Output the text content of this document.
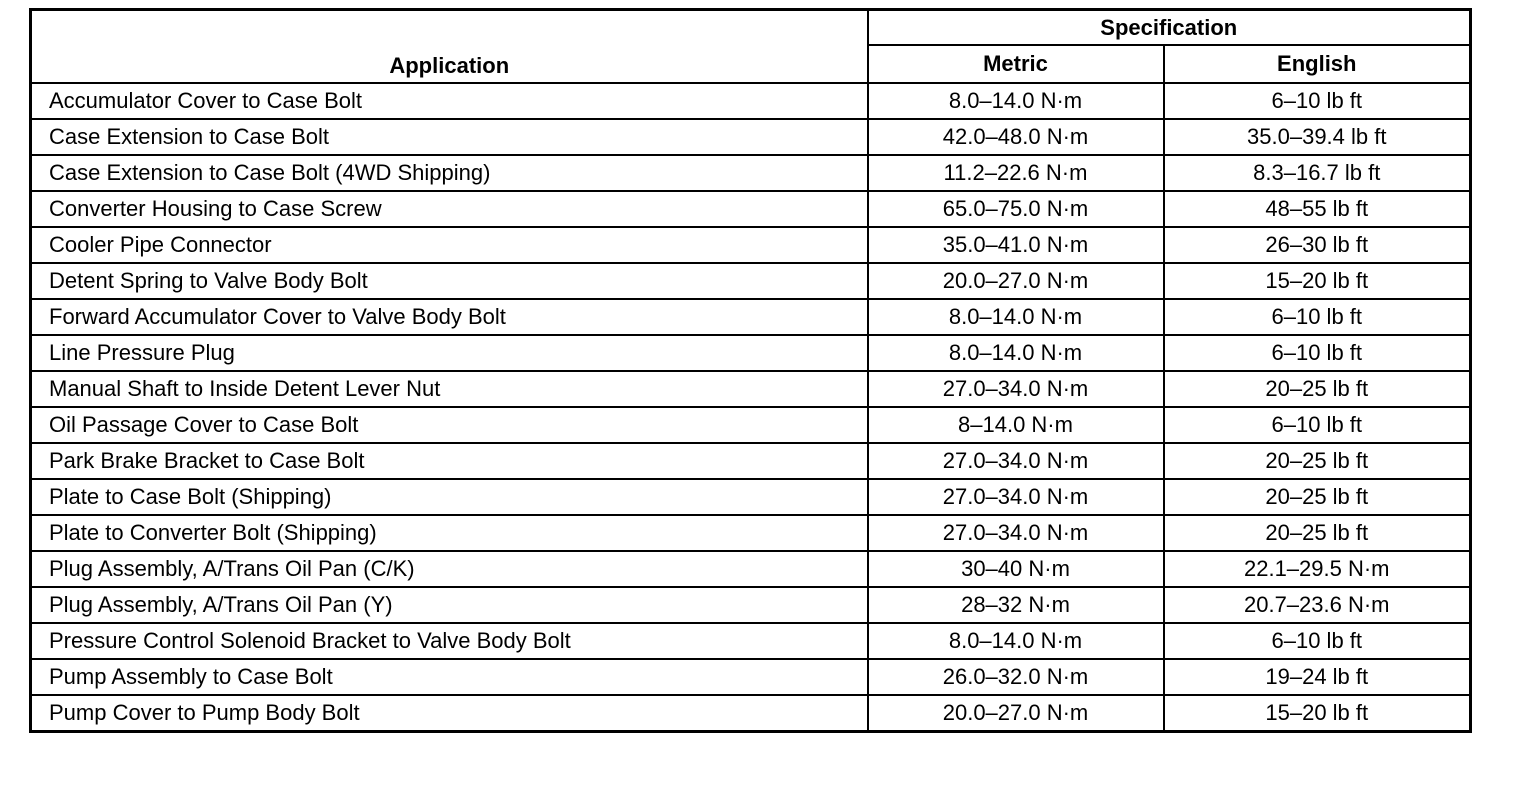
Application	Specification	
	Metric	English
Accumulator Cover to Case Bolt	8.0–14.0 N·m	6–10 lb ft
Case Extension to Case Bolt	42.0–48.0 N·m	35.0–39.4 lb ft
Case Extension to Case Bolt (4WD Shipping)	11.2–22.6 N·m	8.3–16.7 lb ft
Converter Housing to Case Screw	65.0–75.0 N·m	48–55 lb ft
Cooler Pipe Connector	35.0–41.0 N·m	26–30 lb ft
Detent Spring to Valve Body Bolt	20.0–27.0 N·m	15–20 lb ft
Forward Accumulator Cover to Valve Body Bolt	8.0–14.0 N·m	6–10 lb ft
Line Pressure Plug	8.0–14.0 N·m	6–10 lb ft
Manual Shaft to Inside Detent Lever Nut	27.0–34.0 N·m	20–25 lb ft
Oil Passage Cover to Case Bolt	8–14.0 N·m	6–10 lb ft
Park Brake Bracket to Case Bolt	27.0–34.0 N·m	20–25 lb ft
Plate to Case Bolt (Shipping)	27.0–34.0 N·m	20–25 lb ft
Plate to Converter Bolt (Shipping)	27.0–34.0 N·m	20–25 lb ft
Plug Assembly, A/Trans Oil Pan (C/K)	30–40 N·m	22.1–29.5 N·m
Plug Assembly, A/Trans Oil Pan (Y)	28–32 N·m	20.7–23.6 N·m
Pressure Control Solenoid Bracket to Valve Body Bolt	8.0–14.0 N·m	6–10 lb ft
Pump Assembly to Case Bolt	26.0–32.0 N·m	19–24 lb ft
Pump Cover to Pump Body Bolt	20.0–27.0 N·m	15–20 lb ft
